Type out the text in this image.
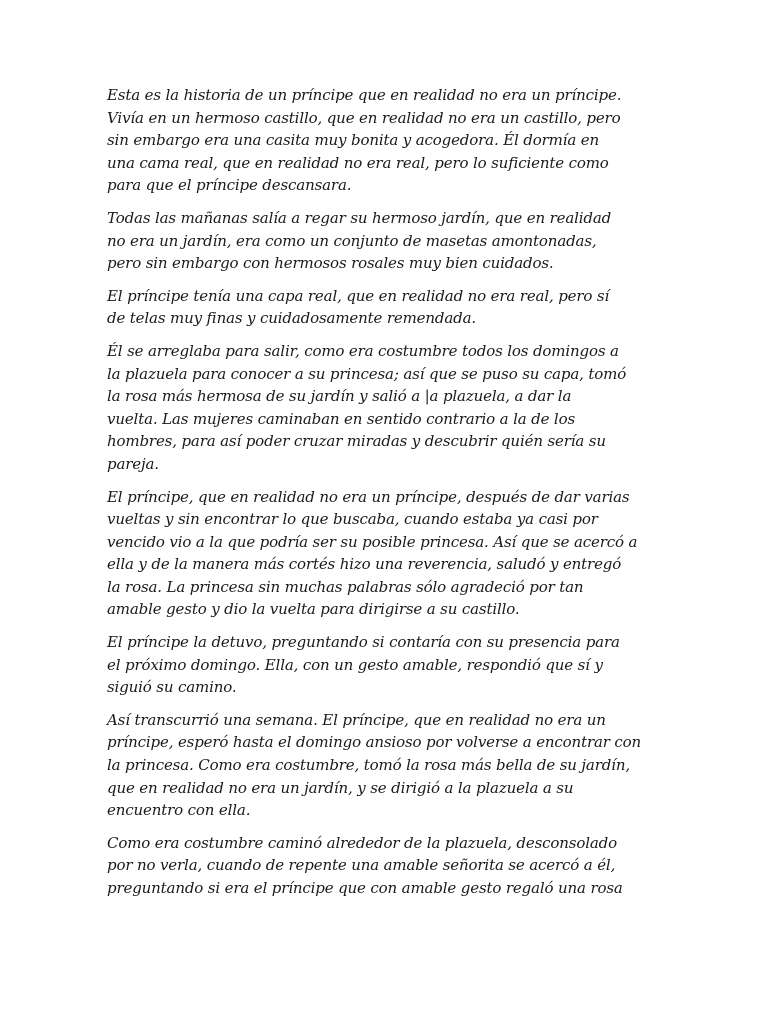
Esta es la historia de un príncipe que en realidad no era un príncipe.
Vivía en un hermoso castillo, que en realidad no era un castillo, pero
sin embargo era una casita muy bonita y acogedora. Él dormía en
una cama real, que en realidad no era real, pero lo suficiente como
para que el príncipe descansara.

Todas las mañanas salía a regar su hermoso jardín, que en realidad
no era un jardín, era como un conjunto de masetas amontonadas,
pero sin embargo con hermosos rosales muy bien cuidados.

El príncipe tenía una capa real, que en realidad no era real, pero sí
de telas muy finas y cuidadosamente remendada.

Él se arreglaba para salir, como era costumbre todos los domingos a
la plazuela para conocer a su princesa; así que se puso su capa, tomó
la rosa más hermosa de su jardín y salió a |a plazuela, a dar la
vuelta. Las mujeres caminaban en sentido contrario a la de los
hombres, para así poder cruzar miradas y descubrir quién sería su
pareja.

El príncipe, que en realidad no era un príncipe, después de dar varias
vueltas y sin encontrar lo que buscaba, cuando estaba ya casi por
vencido vio a la que podría ser su posible princesa. Así que se acercó a
ella y de la manera más cortés hizo una reverencia, saludó y entregó
la rosa. La princesa sin muchas palabras sólo agradeció por tan
amable gesto y dio la vuelta para dirigirse a su castillo.

El príncipe la detuvo, preguntando si contaría con su presencia para
el próximo domingo. Ella, con un gesto amable, respondió que sí y
siguió su camino.

Así transcurrió una semana. El príncipe, que en realidad no era un
príncipe, esperó hasta el domingo ansioso por volverse a encontrar con
la princesa. Como era costumbre, tomó la rosa más bella de su jardín,
que en realidad no era un jardín, y se dirigió a la plazuela a su
encuentro con ella.

Como era costumbre caminó alrededor de la plazuela, desconsolado
por no verla, cuando de repente una amable señorita se acercó a él,
preguntando si era el príncipe que con amable gesto regaló una rosa
